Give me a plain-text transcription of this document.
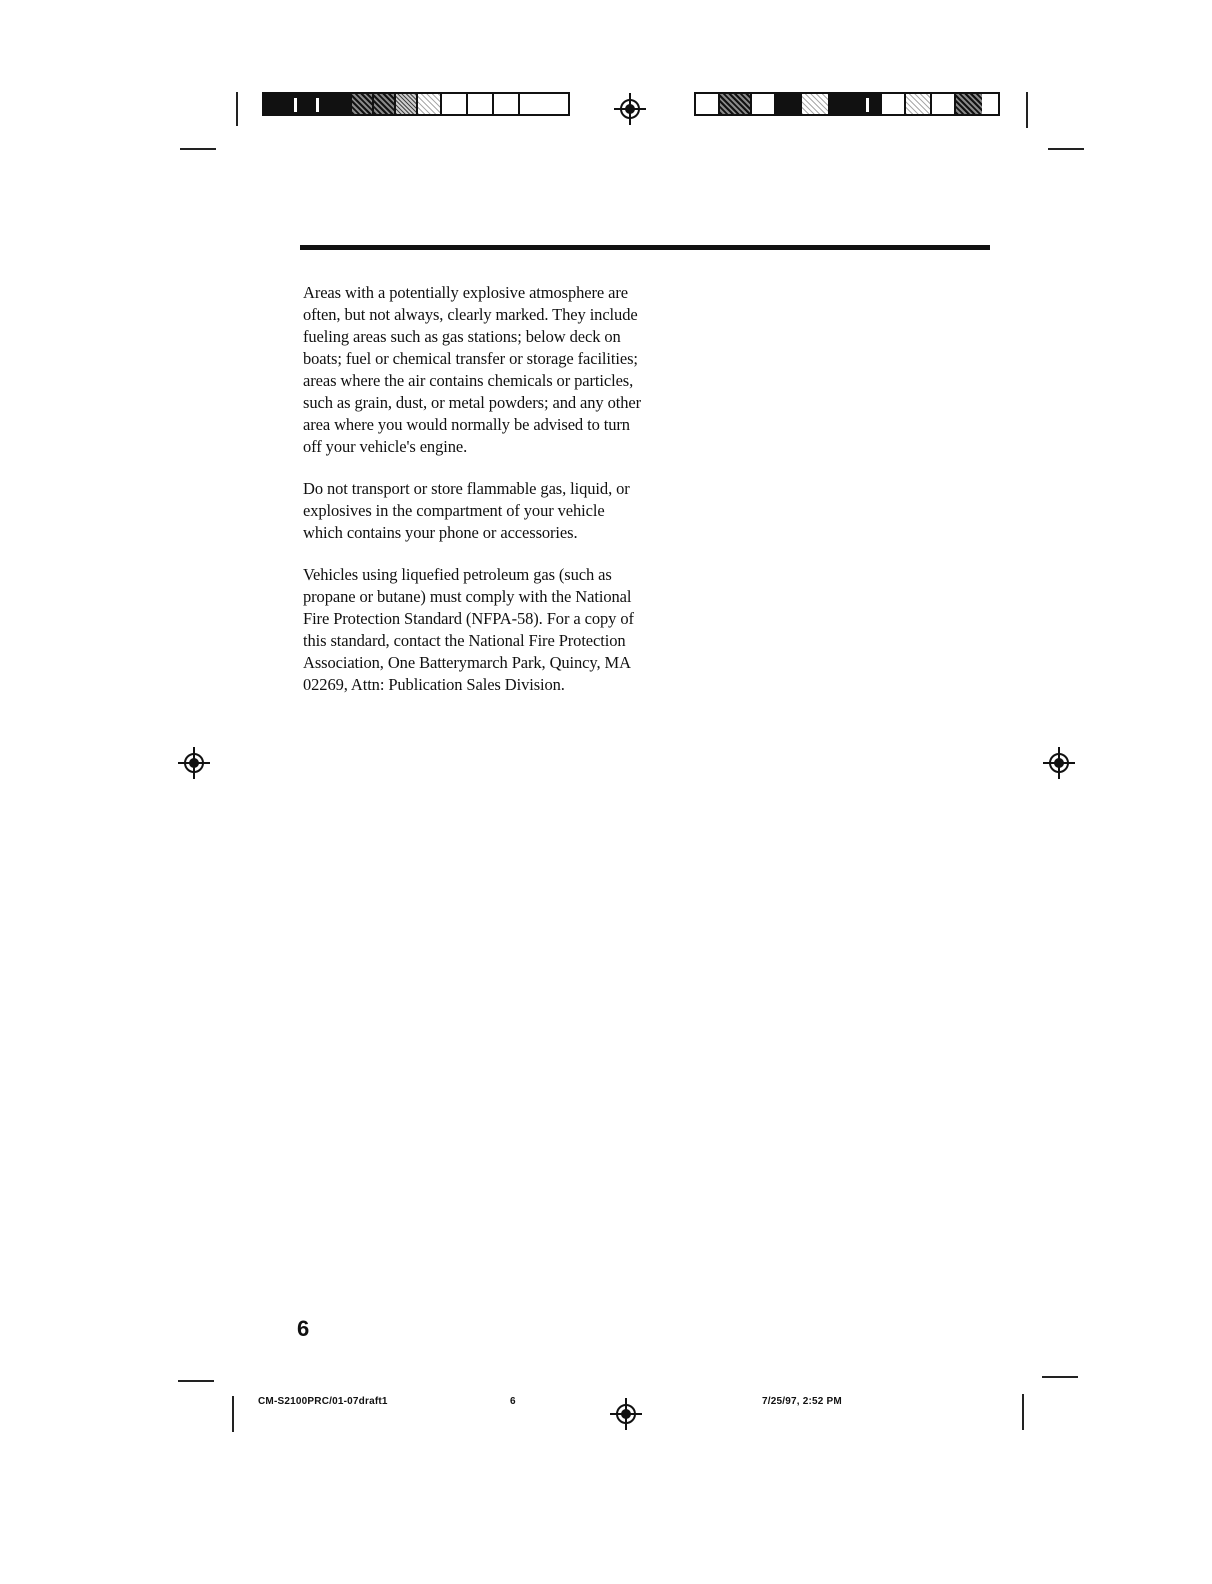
Areas with a potentially explosive atmosphere are often, but not always, clearly marked. They include fueling areas such as gas stations; below deck on boats; fuel or chemical transfer or storage facilities; areas where the air contains chemicals or particles, such as grain, dust, or metal powders; and any other area where you would normally be advised to turn off your vehicle's engine.

Do not transport or store flammable gas, liquid, or explosives in the compartment of your vehicle which contains your phone or accessories.

Vehicles using liquefied petroleum gas (such as propane or butane) must comply with the National Fire Protection Standard (NFPA-58). For a copy of this standard, contact the National Fire Protection Association, One Batterymarch Park, Quincy, MA 02269, Attn: Publication Sales Division.

6
CM-S2100PRC/01-07draft1	6	7/25/97, 2:52 PM
